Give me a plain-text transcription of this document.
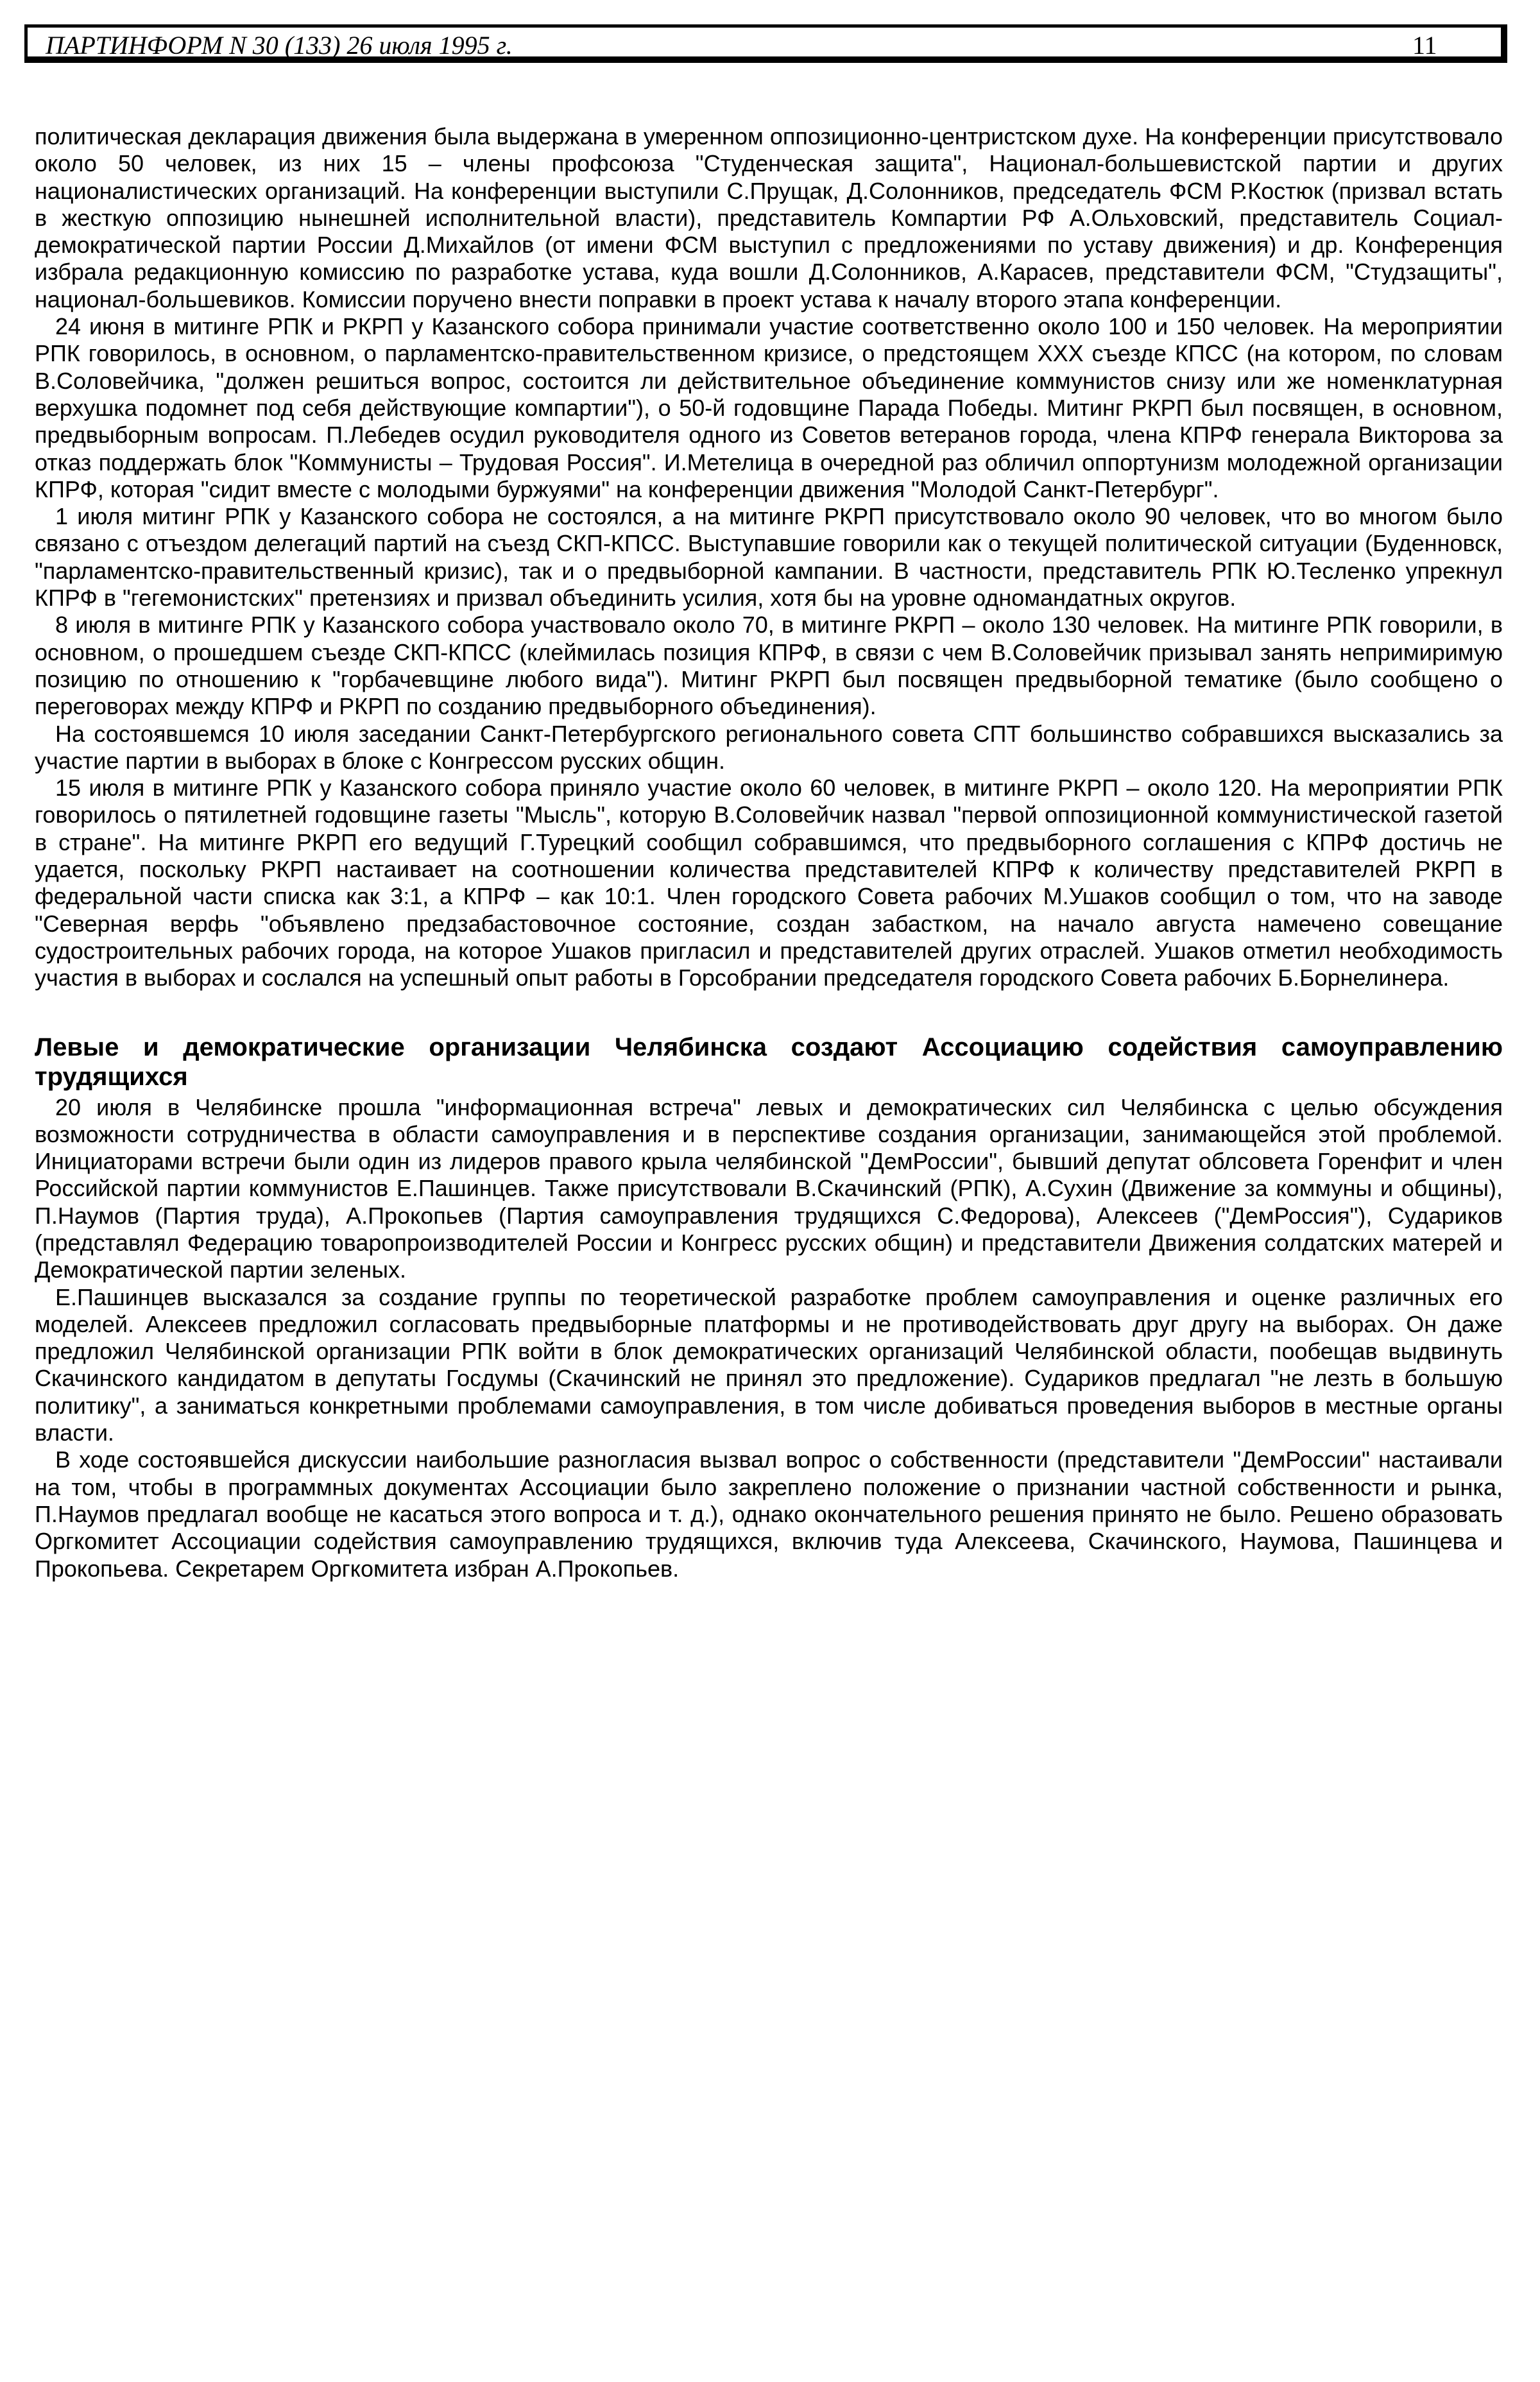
ПАРТИНФОРМ N 30 (133) 26 июля 1995 г.	11

политическая декларация движения была выдержана в умеренном оппозиционно-центристском духе. На конференции присутствовало около 50 человек, из них 15 – члены профсоюза "Студенческая защита", Национал-большевистской партии и других националистических организаций. На конференции выступили С.Прущак, Д.Солонников, председатель ФСМ Р.Костюк (призвал встать в жесткую оппозицию нынешней исполнительной власти), представитель Компартии РФ А.Ольховский, представитель Социал-демократической партии России Д.Михайлов (от имени ФСМ выступил с предложениями по уставу движения) и др. Конференция избрала редакционную комиссию по разработке устава, куда вошли Д.Солонников, А.Карасев, представители ФСМ, "Студзащиты", национал-большевиков. Комиссии поручено внести поправки в проект устава к началу второго этапа конференции.

24 июня в митинге РПК и РКРП у Казанского собора принимали участие соответственно около 100 и 150 человек. На мероприятии РПК говорилось, в основном, о парламентско-правительственном кризисе, о предстоящем XXX съезде КПСС (на котором, по словам В.Соловейчика, "должен решиться вопрос, состоится ли действительное объединение коммунистов снизу или же номенклатурная верхушка подомнет под себя действующие компартии"), о 50-й годовщине Парада Победы. Митинг РКРП был посвящен, в основном, предвыборным вопросам. П.Лебедев осудил руководителя одного из Советов ветеранов города, члена КПРФ генерала Викторова за отказ поддержать блок "Коммунисты – Трудовая Россия". И.Метелица в очередной раз обличил оппортунизм молодежной организации КПРФ, которая "сидит вместе с молодыми буржуями" на конференции движения "Молодой Санкт-Петербург".

1 июля митинг РПК у Казанского собора не состоялся, а на митинге РКРП присутствовало около 90 человек, что во многом было связано с отъездом делегаций партий на съезд СКП-КПСС. Выступавшие говорили как о текущей политической ситуации (Буденновск, "парламентско-правительственный кризис), так и о предвыборной кампании. В частности, представитель РПК Ю.Тесленко упрекнул КПРФ в "гегемонистских" претензиях и призвал объединить усилия, хотя бы на уровне одномандатных округов.

8 июля в митинге РПК у Казанского собора участвовало около 70, в митинге РКРП – около 130 человек. На митинге РПК говорили, в основном, о прошедшем съезде СКП-КПСС (клеймилась позиция КПРФ, в связи с чем В.Соловейчик призывал занять непримиримую позицию по отношению к "горбачевщине любого вида"). Митинг РКРП был посвящен предвыборной тематике (было сообщено о переговорах между КПРФ и РКРП по созданию предвыборного объединения).

На состоявшемся 10 июля заседании Санкт-Петербургского регионального совета СПТ большинство собравшихся высказались за участие партии в выборах в блоке с Конгрессом русских общин.

15 июля в митинге РПК у Казанского собора приняло участие около 60 человек, в митинге РКРП – около 120. На мероприятии РПК говорилось о пятилетней годовщине газеты "Мысль", которую В.Соловейчик назвал "первой оппозиционной коммунистической газетой в стране". На митинге РКРП его ведущий Г.Турецкий сообщил собравшимся, что предвыборного соглашения с КПРФ достичь не удается, поскольку РКРП настаивает на соотношении количества представителей КПРФ к количеству представителей РКРП в федеральной части списка как 3:1, а КПРФ – как 10:1. Член городского Совета рабочих М.Ушаков сообщил о том, что на заводе "Северная верфь "объявлено предзабастовочное состояние, создан забастком, на начало августа намечено совещание судостроительных рабочих города, на которое Ушаков пригласил и представителей других отраслей. Ушаков отметил необходимость участия в выборах и сослался на успешный опыт работы в Горсобрании председателя городского Совета рабочих Б.Борнелинера.

Левые и демократические организации Челябинска создают Ассоциацию содействия самоуправлению трудящихся

20 июля в Челябинске прошла "информационная встреча" левых и демократических сил Челябинска с целью обсуждения возможности сотрудничества в области самоуправления и в перспективе создания организации, занимающейся этой проблемой. Инициаторами встречи были один из лидеров правого крыла челябинской "ДемРоссии", бывший депутат облсовета Горенфит и член Российской партии коммунистов Е.Пашинцев. Также присутствовали В.Скачинский (РПК), А.Сухин (Движение за коммуны и общины), П.Наумов (Партия труда), А.Прокопьев (Партия самоуправления трудящихся С.Федорова), Алексеев ("ДемРоссия"), Судариков (представлял Федерацию товаропроизводителей России и Конгресс русских общин) и представители Движения солдатских матерей и Демократической партии зеленых.

Е.Пашинцев высказался за создание группы по теоретической разработке проблем самоуправления и оценке различных его моделей. Алексеев предложил согласовать предвыборные платформы и не противодействовать друг другу на выборах. Он даже предложил Челябинской организации РПК войти в блок демократических организаций Челябинской области, пообещав выдвинуть Скачинского кандидатом в депутаты Госдумы (Скачинский не принял это предложение). Судариков предлагал "не лезть в большую политику", а заниматься конкретными проблемами самоуправления, в том числе добиваться проведения выборов в местные органы власти.

В ходе состоявшейся дискуссии наибольшие разногласия вызвал вопрос о собственности (представители "ДемРоссии" настаивали на том, чтобы в программных документах Ассоциации было закреплено положение о признании частной собственности и рынка, П.Наумов предлагал вообще не касаться этого вопроса и т. д.), однако окончательного решения принято не было. Решено образовать Оргкомитет Ассоциации содействия самоуправлению трудящихся, включив туда Алексеева, Скачинского, Наумова, Пашинцева и Прокопьева. Секретарем Оргкомитета избран А.Прокопьев.
